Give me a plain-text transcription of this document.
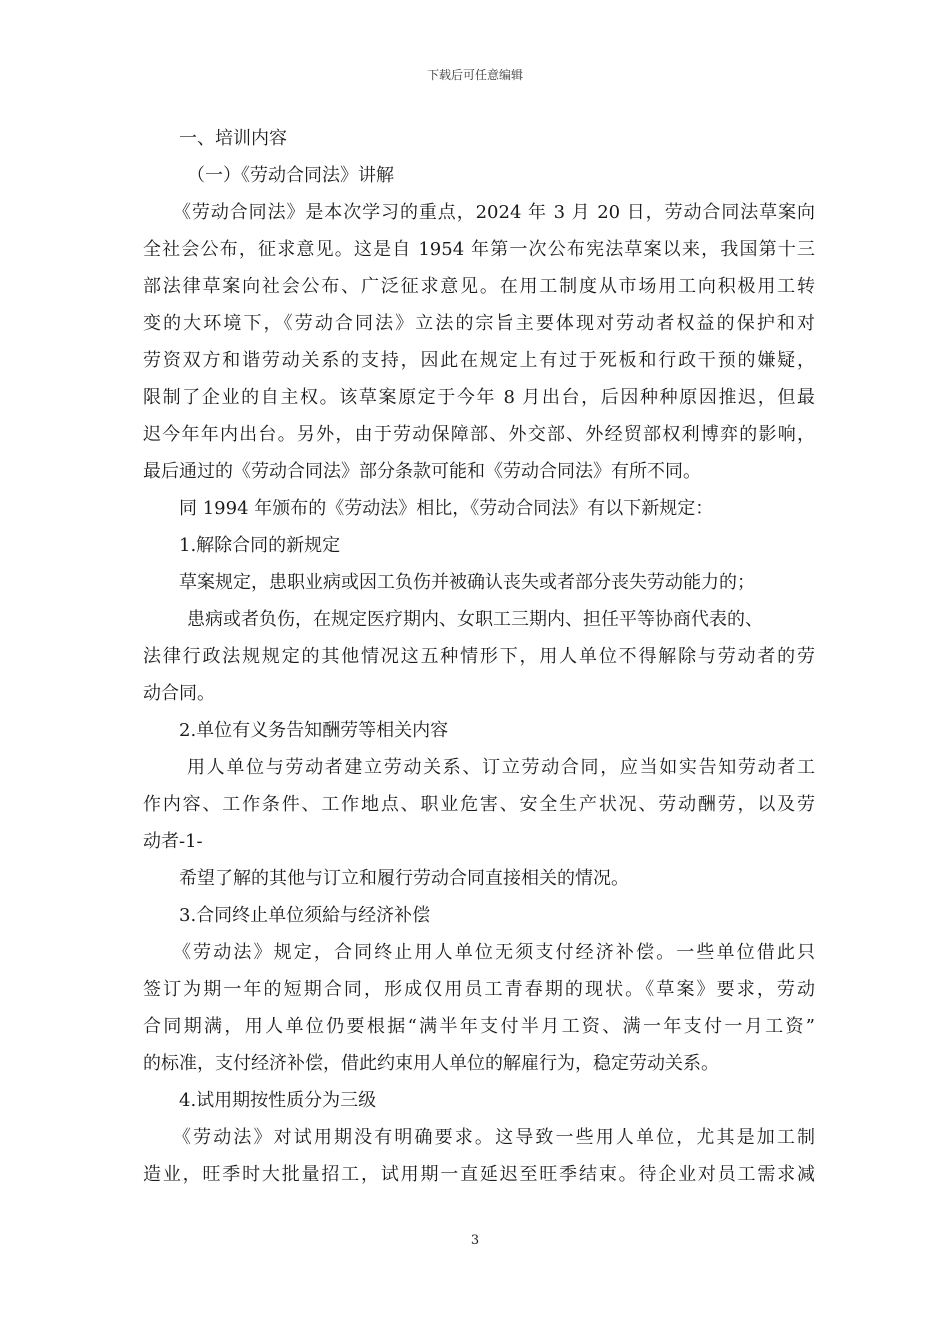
下载后可任意编辑
一、培训内容
（一）《劳动合同法》讲解
《劳动合同法》是本次学习的重点，2024 年 3 月 20 日，劳动合同法草案向
全社会公布，征求意见。这是自 1954 年第一次公布宪法草案以来，我国第十三
部法律草案向社会公布、广泛征求意见。在用工制度从市场用工向积极用工转
变的大环境下，《劳动合同法》立法的宗旨主要体现对劳动者权益的保护和对
劳资双方和谐劳动关系的支持，因此在规定上有过于死板和行政干预的嫌疑，
限制了企业的自主权。该草案原定于今年 8 月出台，后因种种原因推迟，但最
迟今年年内出台。另外，由于劳动保障部、外交部、外经贸部权利博弈的影响，
最后通过的《劳动合同法》部分条款可能和《劳动合同法》有所不同。
同 1994 年颁布的《劳动法》相比，《劳动合同法》有以下新规定：
1.解除合同的新规定
草案规定，患职业病或因工负伤并被确认丧失或者部分丧失劳动能力的；
患病或者负伤，在规定医疗期内、女职工三期内、担任平等协商代表的、
法律行政法规规定的其他情况这五种情形下，用人单位不得解除与劳动者的劳
动合同。
2.单位有义务告知酬劳等相关内容
用人单位与劳动者建立劳动关系、订立劳动合同，应当如实告知劳动者工
作内容、工作条件、工作地点、职业危害、安全生产状况、劳动酬劳，以及劳
动者-1-
希望了解的其他与订立和履行劳动合同直接相关的情况。
3.合同终止单位须給与经济补偿
《劳动法》规定，合同终止用人单位无须支付经济补偿。一些单位借此只
签订为期一年的短期合同，形成仅用员工青春期的现状。《草案》要求，劳动
合同期满，用人单位仍要根据“满半年支付半月工资、满一年支付一月工资”
的标准，支付经济补偿，借此约束用人单位的解雇行为，稳定劳动关系。
4.试用期按性质分为三级
《劳动法》对试用期没有明确要求。这导致一些用人单位，尤其是加工制
造业，旺季时大批量招工，试用期一直延迟至旺季结束。待企业对员工需求减
3
